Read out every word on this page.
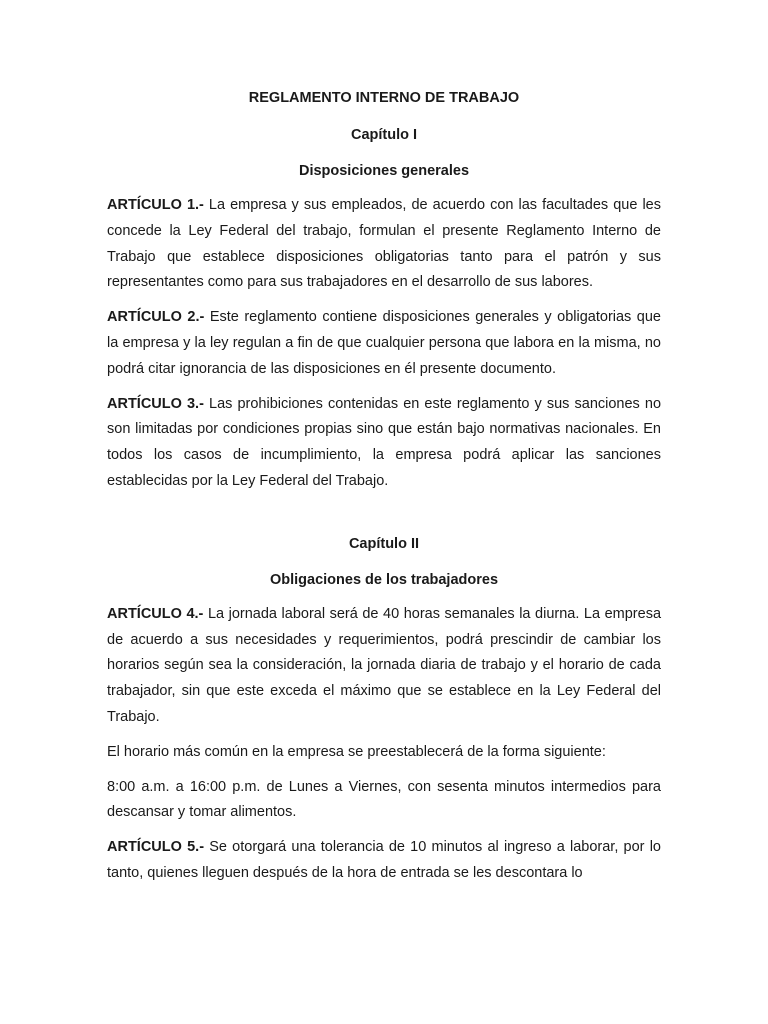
REGLAMENTO INTERNO DE TRABAJO

Capítulo I

Disposiciones generales

ARTÍCULO 1.- La empresa y sus empleados, de acuerdo con las facultades que les concede la Ley Federal del trabajo, formulan el presente Reglamento Interno de Trabajo que establece disposiciones obligatorias tanto para el patrón y sus representantes como para sus trabajadores en el desarrollo de sus labores.

ARTÍCULO 2.- Este reglamento contiene disposiciones generales y obligatorias que la empresa y la ley regulan a fin de que cualquier persona que labora en la misma, no podrá citar ignorancia de las disposiciones en él presente documento.

ARTÍCULO 3.- Las prohibiciones contenidas en este reglamento y sus sanciones no son limitadas por condiciones propias sino que están bajo normativas nacionales. En todos los casos de incumplimiento, la empresa podrá aplicar las sanciones establecidas por la Ley Federal del Trabajo.

Capítulo II

Obligaciones de los trabajadores

ARTÍCULO 4.- La jornada laboral será de 40 horas semanales la diurna. La empresa de acuerdo a sus necesidades y requerimientos, podrá prescindir de cambiar los horarios según sea la consideración, la jornada diaria de trabajo y el horario de cada trabajador, sin que este exceda el máximo que se establece en la Ley Federal del Trabajo.

El horario más común en la empresa se preestablecerá de la forma siguiente:

8:00 a.m. a 16:00 p.m. de Lunes a Viernes, con sesenta minutos intermedios para descansar y tomar alimentos.

ARTÍCULO 5.- Se otorgará una tolerancia de 10 minutos al ingreso a laborar, por lo tanto, quienes lleguen después de la hora de entrada se les descontara lo
